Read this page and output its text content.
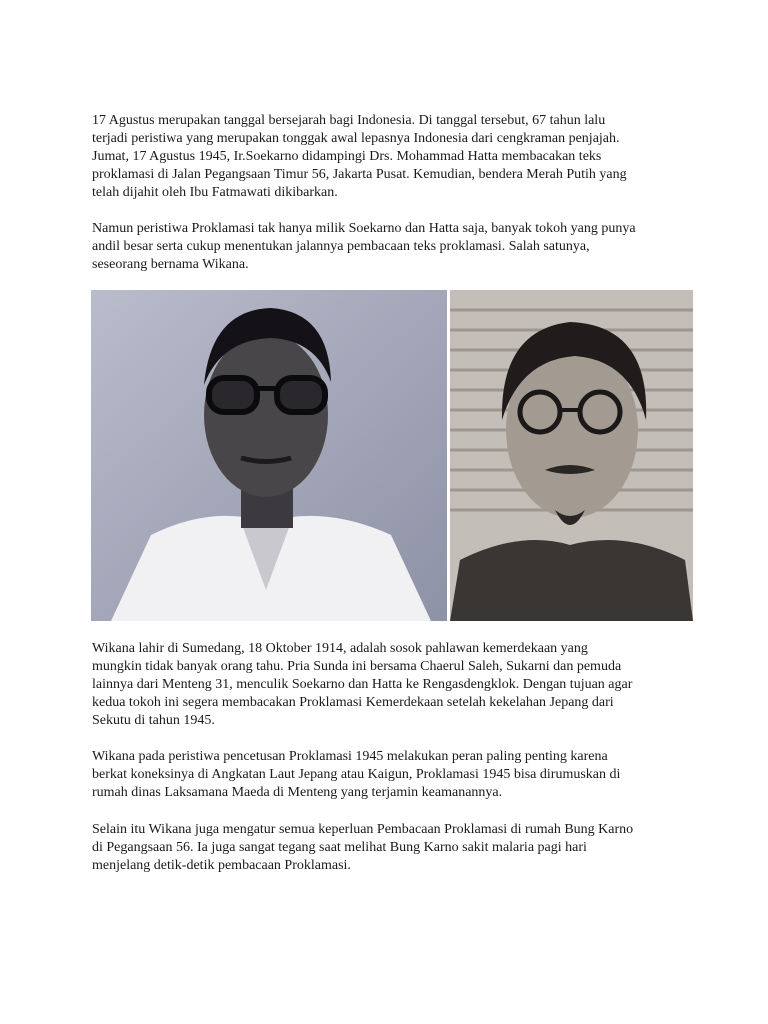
17 Agustus merupakan tanggal bersejarah bagi Indonesia. Di tanggal tersebut, 67 tahun lalu
terjadi peristiwa yang merupakan tonggak awal lepasnya Indonesia dari cengkraman penjajah.
Jumat, 17 Agustus 1945, Ir.Soekarno didampingi Drs. Mohammad Hatta membacakan teks
proklamasi di Jalan Pegangsaan Timur 56, Jakarta Pusat. Kemudian, bendera Merah Putih yang
telah dijahit oleh Ibu Fatmawati dikibarkan.

Namun peristiwa Proklamasi tak hanya milik Soekarno dan Hatta saja, banyak tokoh yang punya
andil besar serta cukup menentukan jalannya pembacaan teks proklamasi. Salah satunya,
seseorang bernama Wikana.

Wikana lahir di Sumedang, 18 Oktober 1914, adalah sosok pahlawan kemerdekaan yang
mungkin tidak banyak orang tahu. Pria Sunda ini bersama Chaerul Saleh, Sukarni dan pemuda
lainnya dari Menteng 31, menculik Soekarno dan Hatta ke Rengasdengklok. Dengan tujuan agar
kedua tokoh ini segera membacakan Proklamasi Kemerdekaan setelah kekelahan Jepang dari
Sekutu di tahun 1945.

Wikana pada peristiwa pencetusan Proklamasi 1945 melakukan peran paling penting karena
berkat koneksinya di Angkatan Laut Jepang atau Kaigun, Proklamasi 1945 bisa dirumuskan di
rumah dinas Laksamana Maeda di Menteng yang terjamin keamanannya.

Selain itu Wikana juga mengatur semua keperluan Pembacaan Proklamasi di rumah Bung Karno
di Pegangsaan 56. Ia juga sangat tegang saat melihat Bung Karno sakit malaria pagi hari
menjelang detik-detik pembacaan Proklamasi.
